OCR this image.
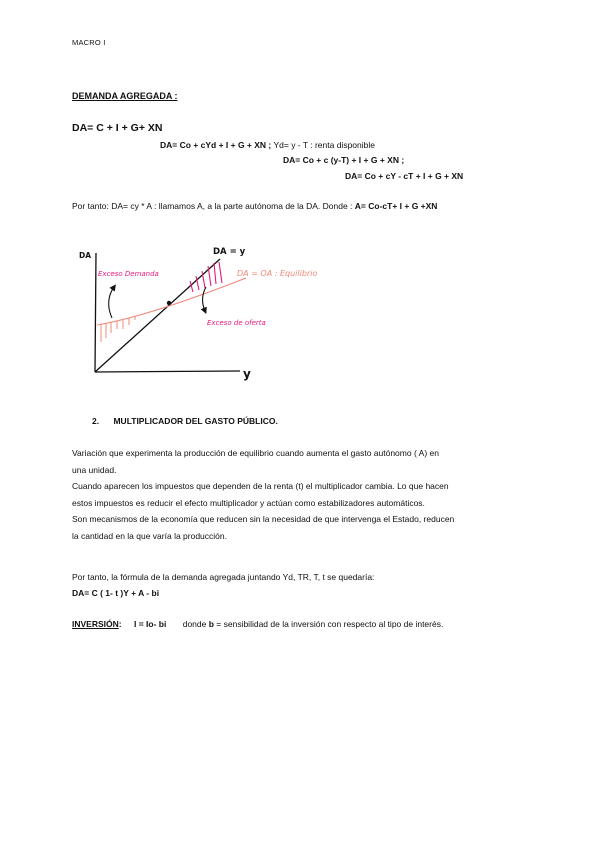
MACRO I
DEMANDA AGREGADA :
DA= C + I + G+ XN
DA= Co + cYd + I + G + XN ; Yd= y - T : renta disponible
DA= Co + c (y-T) + I + G + XN ;
DA= Co + cY - cT + I + G + XN
Por tanto: DA= cy * A : llamamos A, a la parte autónoma de la DA. Donde : A= Co-cT+ I + G +XN
DA
y
DA = y
DA = OA : Equilibrio
Exceso Demanda
Exceso de oferta
2. MULTIPLICADOR DEL GASTO PÚBLICO.
Variación que experimenta la producción de equilibrio cuando aumenta el gasto autónomo ( A) en
una unidad.
Cuando aparecen los impuestos que dependen de la renta (t) el multiplicador cambia. Lo que hacen
estos impuestos es reducir el efecto multiplicador y actúan como estabilizadores automáticos.
Son mecanismos de la economía que reducen sin la necesidad de que intervenga el Estado, reducen
la cantidad en la que varía la producción.
Por tanto, la fórmula de la demanda agregada juntando Yd, TR, T, t se quedaría:
DA= C ( 1- t )Y + A - bi
INVERSIÓN: I = Io- bi donde b = sensibilidad de la inversión con respecto al tipo de interés.
